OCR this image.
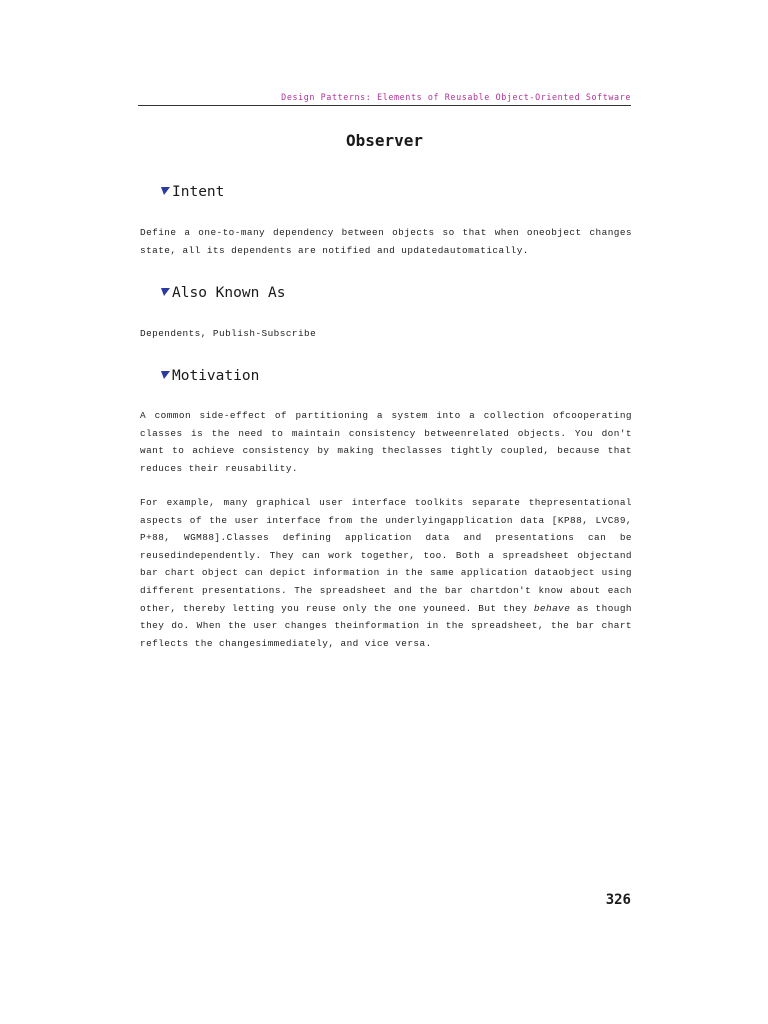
Design Patterns: Elements of Reusable Object-Oriented Software
Observer
Intent

Define a one-to-many dependency between objects so that when oneobject changes state, all its dependents are notified and updatedautomatically.

Also Known As

Dependents, Publish-Subscribe

Motivation

A common side-effect of partitioning a system into a collection ofcooperating classes is the need to maintain consistency betweenrelated objects. You don't want to achieve consistency by making theclasses tightly coupled, because that reduces their reusability.

For example, many graphical user interface toolkits separate thepresentational aspects of the user interface from the underlyingapplication data [KP88, LVC89, P+88, WGM88].Classes defining application data and presentations can be reusedindependently. They can work together, too. Both a spreadsheet objectand bar chart object can depict information in the same application dataobject using different presentations. The spreadsheet and the bar chartdon't know about each other, thereby letting you reuse only the one youneed. But they behave as though they do. When the user changes theinformation in the spreadsheet, the bar chart reflects the changesimmediately, and vice versa.

326
